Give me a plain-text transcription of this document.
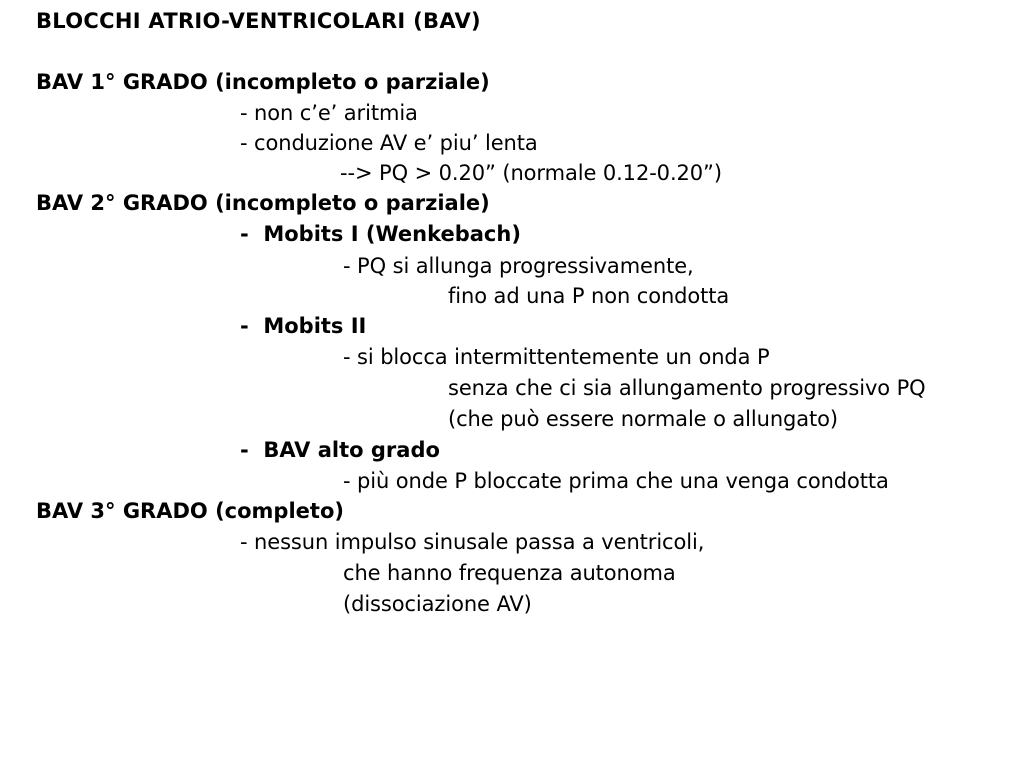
BLOCCHI ATRIO-VENTRICOLARI (BAV)
BAV 1° GRADO (incompleto o parziale)
- non c’e’ aritmia
- conduzione AV e’ piu’ lenta
--> PQ > 0.20” (normale 0.12-0.20”)
BAV 2° GRADO (incompleto o parziale)
-  Mobits I (Wenkebach)
- PQ si allunga progressivamente,
fino ad una P non condotta
-  Mobits II
- si blocca intermittentemente un onda P
senza che ci sia allungamento progressivo PQ
(che può essere normale o allungato)
-  BAV alto grado
- più onde P bloccate prima che una venga condotta
BAV 3° GRADO (completo)
- nessun impulso sinusale passa a ventricoli,
che hanno frequenza autonoma
(dissociazione AV)
